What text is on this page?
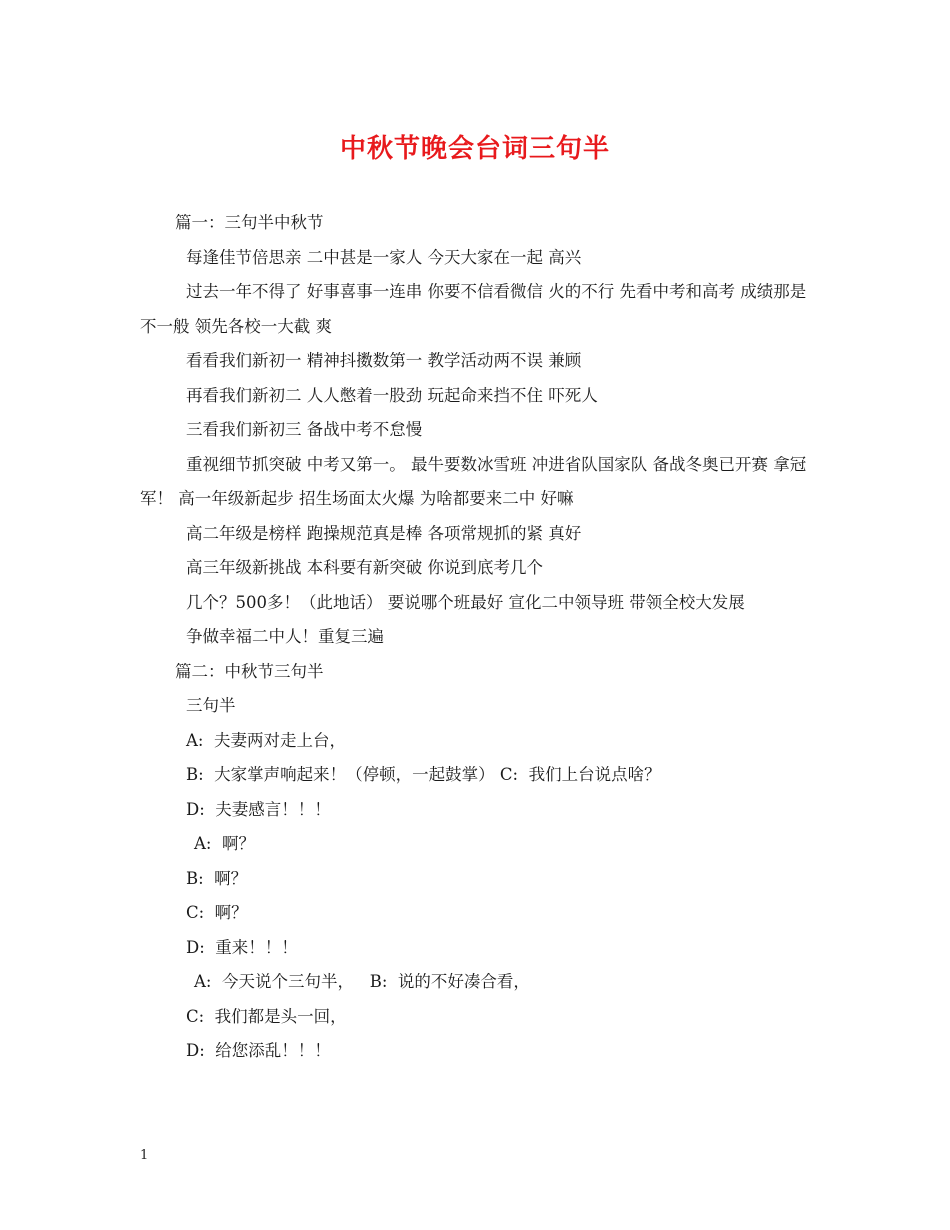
中秋节晚会台词三句半

篇一：三句半中秋节

每逢佳节倍思亲 二中甚是一家人 今天大家在一起 高兴

过去一年不得了 好事喜事一连串 你要不信看微信 火的不行 先看中考和高考 成绩那是不一般 领先各校一大截 爽

看看我们新初一 精神抖擞数第一 教学活动两不误 兼顾

再看我们新初二 人人憋着一股劲 玩起命来挡不住 吓死人

三看我们新初三 备战中考不怠慢

重视细节抓突破 中考又第一。 最牛要数冰雪班 冲进省队国家队 备战冬奥已开赛 拿冠军！ 高一年级新起步 招生场面太火爆 为啥都要来二中 好嘛

高二年级是榜样 跑操规范真是棒 各项常规抓的紧 真好

高三年级新挑战 本科要有新突破 你说到底考几个

几个？500多！（此地话） 要说哪个班最好 宣化二中领导班 带领全校大发展

争做幸福二中人！重复三遍

篇二：中秋节三句半

三句半

A:  夫妻两对走上台，

B:  大家掌声响起来！（停顿，一起鼓掌） C:  我们上台说点啥？

D:  夫妻感言！！！

A:  啊？

B:  啊？

C:  啊？

D:  重来！！！

A:  今天说个三句半，   B:  说的不好凑合看，

C:  我们都是头一回，

D:  给您添乱！！！

1
